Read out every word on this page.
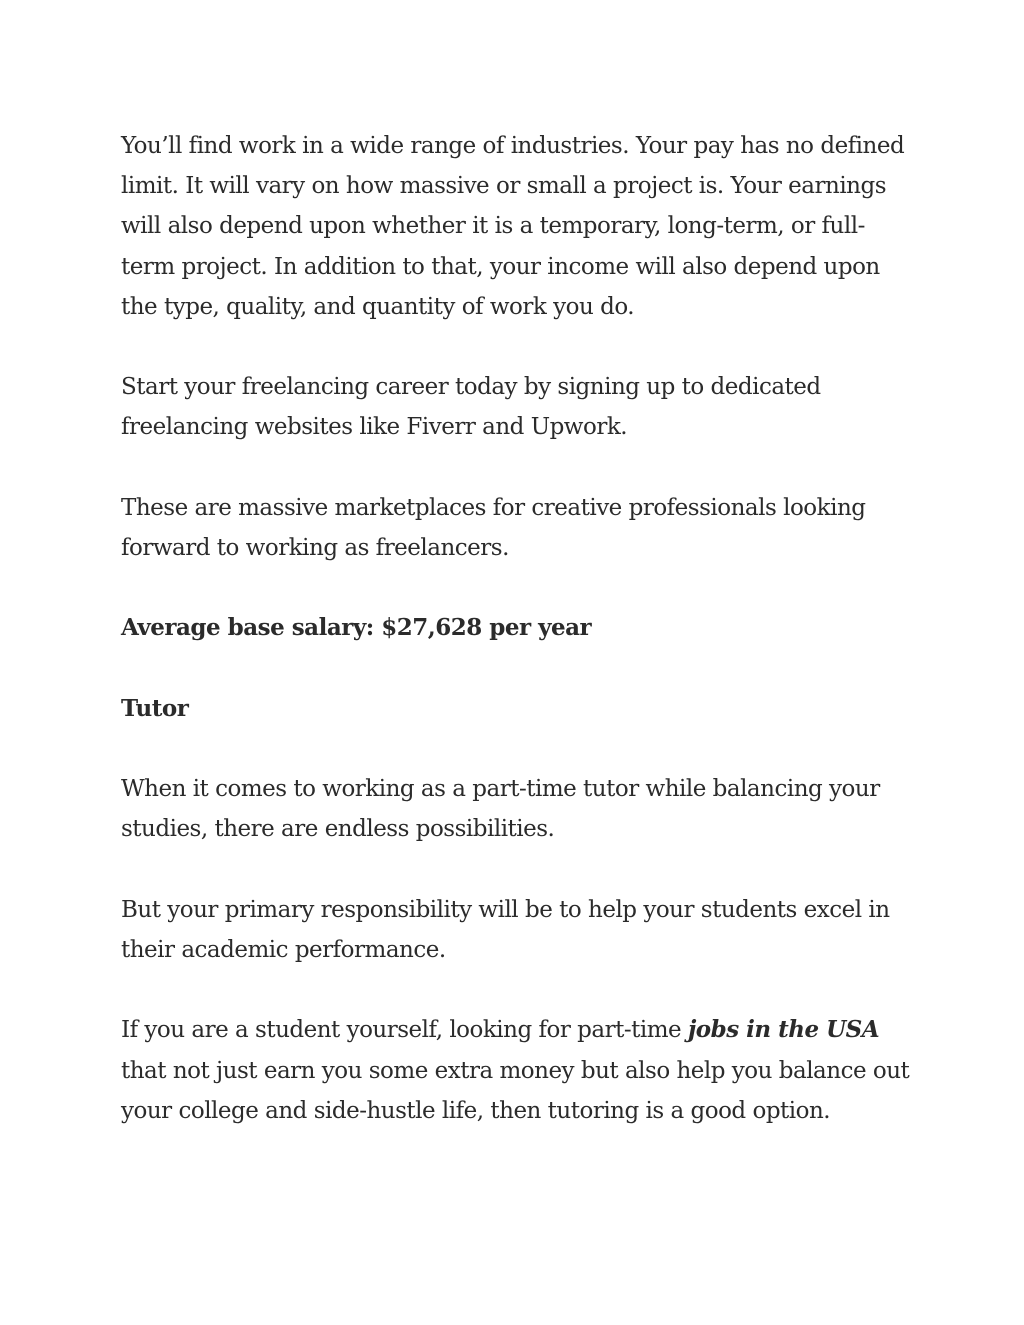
You’ll find work in a wide range of industries. Your pay has no defined limit. It will vary on how massive or small a project is. Your earnings will also depend upon whether it is a temporary, long-term, or full-term project. In addition to that, your income will also depend upon the type, quality, and quantity of work you do.

Start your freelancing career today by signing up to dedicated freelancing websites like Fiverr and Upwork.

These are massive marketplaces for creative professionals looking forward to working as freelancers.

Average base salary: $27,628 per year

Tutor

When it comes to working as a part-time tutor while balancing your studies, there are endless possibilities.

But your primary responsibility will be to help your students excel in their academic performance.

If you are a student yourself, looking for part-time jobs in the USA that not just earn you some extra money but also help you balance out your college and side-hustle life, then tutoring is a good option.
